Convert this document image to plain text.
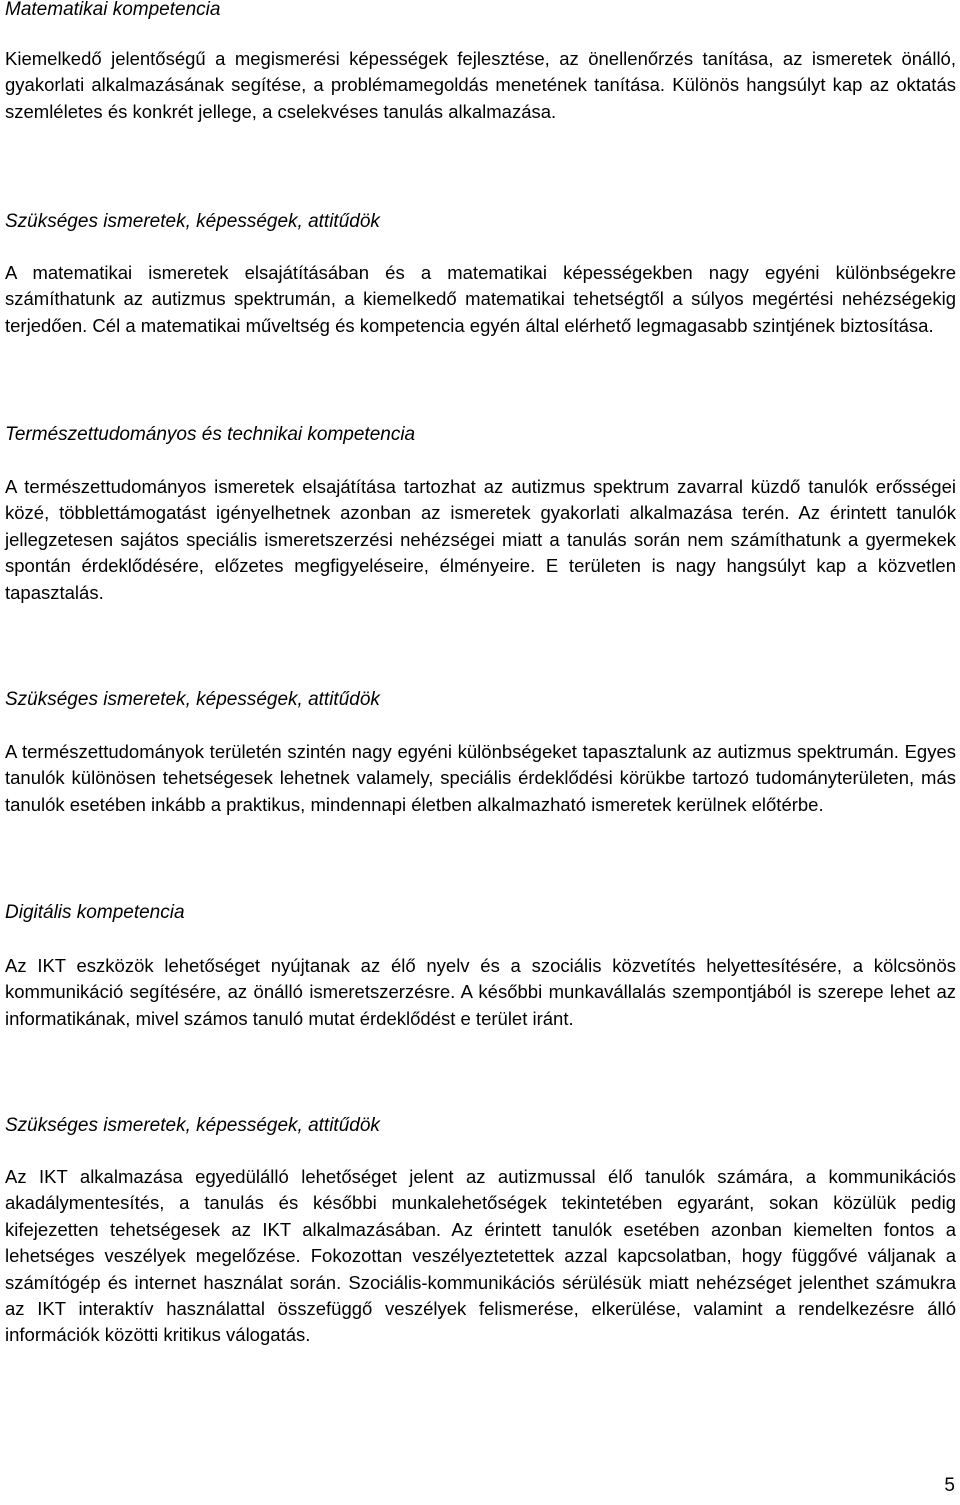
Matematikai kompetencia

Kiemelkedő jelentőségű a megismerési képességek fejlesztése, az önellenőrzés tanítása, az ismeretek önálló, gyakorlati alkalmazásának segítése, a problémamegoldás menetének tanítása. Különös hangsúlyt kap az oktatás szemléletes és konkrét jellege, a cselekvéses tanulás alkalmazása.

Szükséges ismeretek, képességek, attitűdök

A matematikai ismeretek elsajátításában és a matematikai képességekben nagy egyéni különbségekre számíthatunk az autizmus spektrumán, a kiemelkedő matematikai tehetségtől a súlyos megértési nehézségekig terjedően. Cél a matematikai műveltség és kompetencia egyén által elérhető legmagasabb szintjének biztosítása.

Természettudományos és technikai kompetencia

A természettudományos ismeretek elsajátítása tartozhat az autizmus spektrum zavarral küzdő tanulók erősségei közé, többlettámogatást igényelhetnek azonban az ismeretek gyakorlati alkalmazása terén. Az érintett tanulók jellegzetesen sajátos speciális ismeretszerzési nehézségei miatt a tanulás során nem számíthatunk a gyermekek spontán érdeklődésére, előzetes megfigyeléseire, élményeire. E területen is nagy hangsúlyt kap a közvetlen tapasztalás.

Szükséges ismeretek, képességek, attitűdök

A természettudományok területén szintén nagy egyéni különbségeket tapasztalunk az autizmus spektrumán. Egyes tanulók különösen tehetségesek lehetnek valamely, speciális érdeklődési körükbe tartozó tudományterületen, más tanulók esetében inkább a praktikus, mindennapi életben alkalmazható ismeretek kerülnek előtérbe.

Digitális kompetencia

Az IKT eszközök lehetőséget nyújtanak az élő nyelv és a szociális közvetítés helyettesítésére, a kölcsönös kommunikáció segítésére, az önálló ismeretszerzésre. A későbbi munkavállalás szempontjából is szerepe lehet az informatikának, mivel számos tanuló mutat érdeklődést e terület iránt.

Szükséges ismeretek, képességek, attitűdök

Az IKT alkalmazása egyedülálló lehetőséget jelent az autizmussal élő tanulók számára, a kommunikációs akadálymentesítés, a tanulás és későbbi munkalehetőségek tekintetében egyaránt, sokan közülük pedig kifejezetten tehetségesek az IKT alkalmazásában. Az érintett tanulók esetében azonban kiemelten fontos a lehetséges veszélyek megelőzése. Fokozottan veszélyeztetettek azzal kapcsolatban, hogy függővé váljanak a számítógép és internet használat során. Szociális-kommunikációs sérülésük miatt nehézséget jelenthet számukra az IKT interaktív használattal összefüggő veszélyek felismerése, elkerülése, valamint a rendelkezésre álló információk közötti kritikus válogatás.

5
